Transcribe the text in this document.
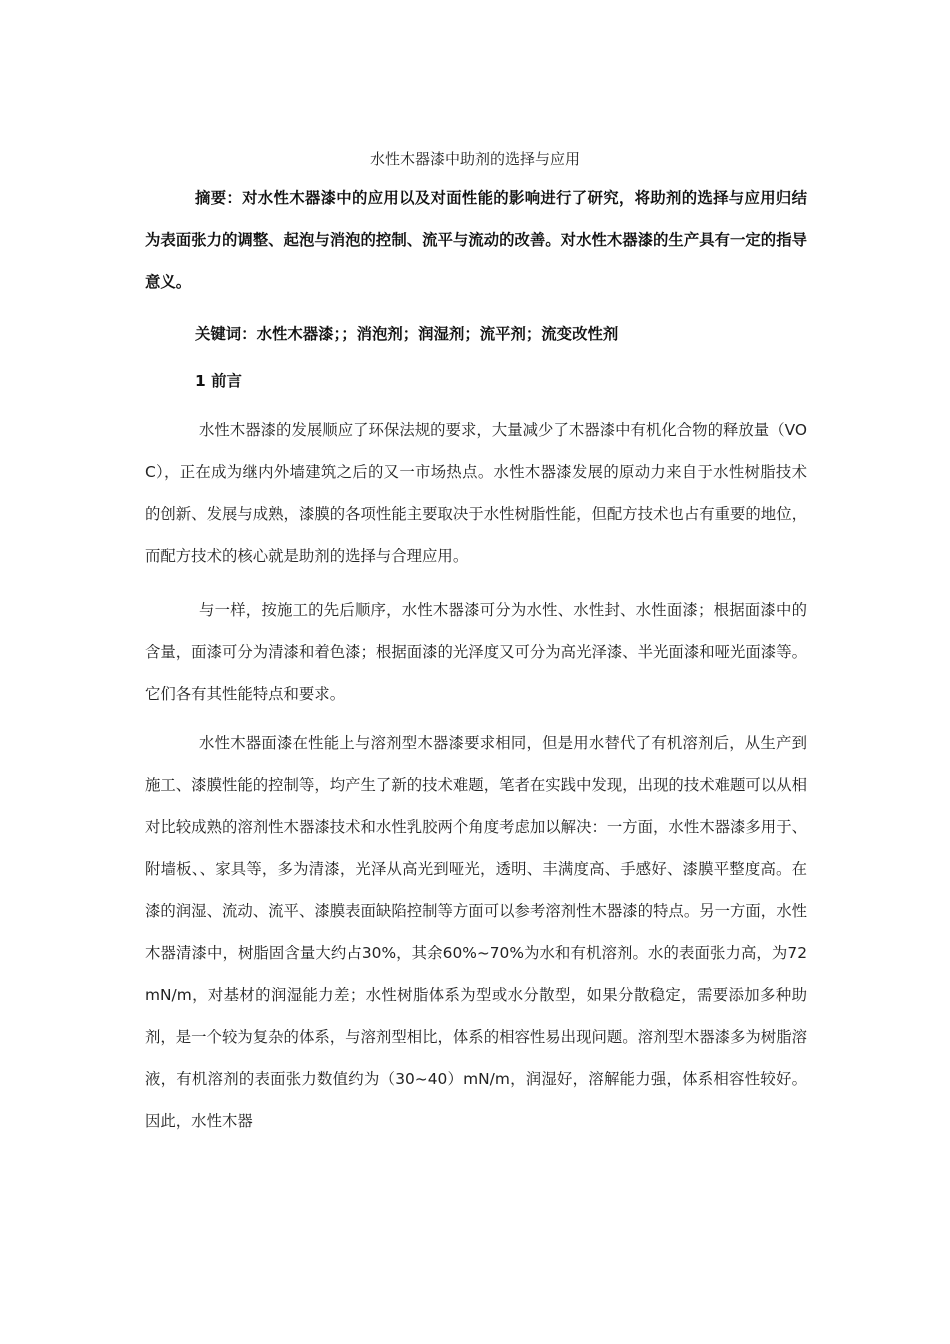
水性木器漆中助剂的选择与应用
摘要：对水性木器漆中的应用以及对面性能的影响进行了研究，将助剂的选择与应用归结为表面张力的调整、起泡与消泡的控制、流平与流动的改善。对水性木器漆的生产具有一定的指导意义。
关键词：水性木器漆；；消泡剂；润湿剂；流平剂；流变改性剂
1 前言
水性木器漆的发展顺应了环保法规的要求，大量减少了木器漆中有机化合物的释放量（VOC），正在成为继内外墙建筑之后的又一市场热点。水性木器漆发展的原动力来自于水性树脂技术的创新、发展与成熟，漆膜的各项性能主要取决于水性树脂性能，但配方技术也占有重要的地位，而配方技术的核心就是助剂的选择与合理应用。
与一样，按施工的先后顺序，水性木器漆可分为水性、水性封、水性面漆；根据面漆中的含量，面漆可分为清漆和着色漆；根据面漆的光泽度又可分为高光泽漆、半光面漆和哑光面漆等。它们各有其性能特点和要求。
水性木器面漆在性能上与溶剂型木器漆要求相同，但是用水替代了有机溶剂后，从生产到施工、漆膜性能的控制等，均产生了新的技术难题，笔者在实践中发现，出现的技术难题可以从相对比较成熟的溶剂性木器漆技术和水性乳胶两个角度考虑加以解决：一方面，水性木器漆多用于、附墙板、、家具等，多为清漆，光泽从高光到哑光，透明、丰满度高、手感好、漆膜平整度高。在漆的润湿、流动、流平、漆膜表面缺陷控制等方面可以参考溶剂性木器漆的特点。另一方面，水性木器清漆中，树脂固含量大约占30%，其余60%~70%为水和有机溶剂。水的表面张力高，为72mN/m，对基材的润湿能力差；水性树脂体系为型或水分散型，如果分散稳定，需要添加多种助剂，是一个较为复杂的体系，与溶剂型相比，体系的相容性易出现问题。溶剂型木器漆多为树脂溶液，有机溶剂的表面张力数值约为（30~40）mN/m，润湿好，溶解能力强，体系相容性较好。因此，水性木器
